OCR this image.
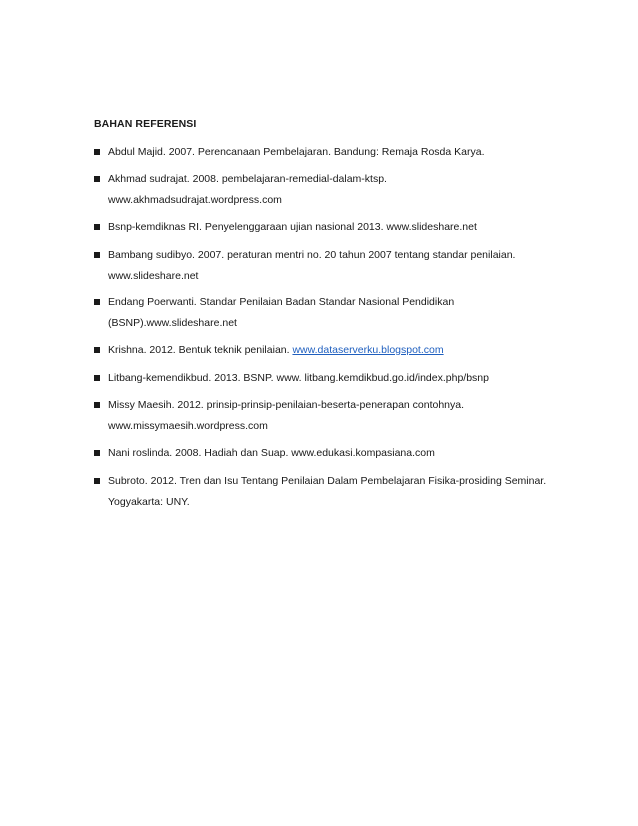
BAHAN REFERENSI
Abdul Majid. 2007. Perencanaan Pembelajaran. Bandung: Remaja Rosda Karya.
Akhmad sudrajat. 2008. pembelajaran-remedial-dalam-ktsp.
www.akhmadsudrajat.wordpress.com
Bsnp-kemdiknas RI. Penyelenggaraan ujian nasional 2013. www.slideshare.net
Bambang sudibyo. 2007. peraturan mentri no. 20 tahun 2007 tentang standar penilaian.
www.slideshare.net
Endang Poerwanti. Standar Penilaian Badan Standar Nasional Pendidikan
(BSNP).www.slideshare.net
Krishna. 2012. Bentuk teknik penilaian. www.dataserverku.blogspot.com
Litbang-kemendikbud. 2013. BSNP. www. litbang.kemdikbud.go.id/index.php/bsnp
Missy Maesih. 2012. prinsip-prinsip-penilaian-beserta-penerapan contohnya.
www.missymaesih.wordpress.com
Nani roslinda. 2008. Hadiah dan Suap. www.edukasi.kompasiana.com
Subroto. 2012. Tren dan Isu Tentang Penilaian Dalam Pembelajaran Fisika-prosiding Seminar.
Yogyakarta: UNY.
